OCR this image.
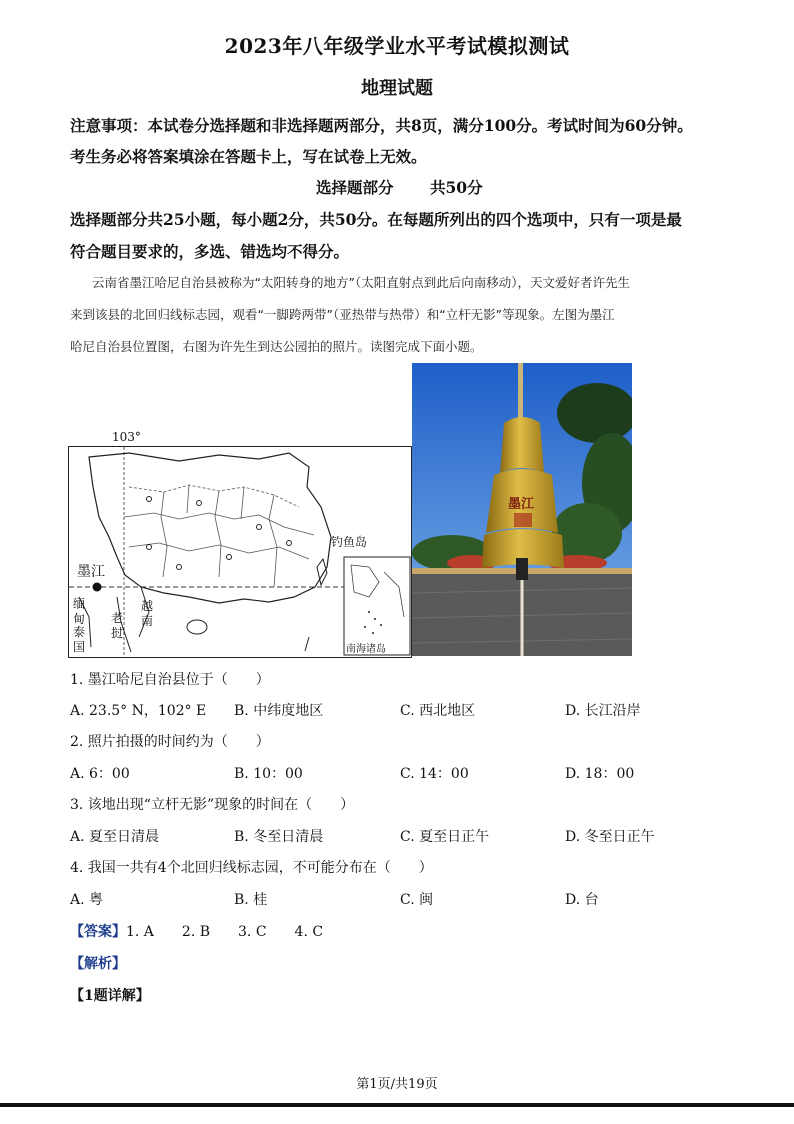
2023年八年级学业水平考试模拟测试
地理试题
注意事项：本试卷分选择题和非选择题两部分，共8页，满分100分。考试时间为60分钟。
考生务必将答案填涂在答题卡上，写在试卷上无效。
选择题部分 共50分
选择题部分共25小题，每小题2分，共50分。在每题所列出的四个选项中，只有一项是最
符合题目要求的，多选、错选均不得分。
云南省墨江哈尼自治县被称为“太阳转身的地方”（太阳直射点到此后向南移动），天文爱好者许先生
来到该县的北回归线标志园，观看“一脚跨两带”（亚热带与热带）和“立杆无影”等现象。左图为墨江
哈尼自治县位置图，右图为许先生到达公园拍的照片。读图完成下面小题。
103°
墨江
钓鱼岛
缅甸
泰国
老挝
越南
南海诸岛
墨江
1. 墨江哈尼自治县位于（　　）
A. 23.5° N，102° E B. 中纬度地区	C. 西北地区	D. 长江沿岸
2. 照片拍摄的时间约为（　　）
A. 6：00	B. 10：00	C. 14：00	D. 18：00
3. 该地出现“立杆无影”现象的时间在（　　）
A. 夏至日清晨	B. 冬至日清晨	C. 夏至日正午	D. 冬至日正午
4. 我国一共有4个北回归线标志园，不可能分布在（　　）
A. 粤	B. 桂	C. 闽	D. 台
【答案】1. A　　2. B　　3. C　　4. C
【解析】
【1题详解】
第1页/共19页
